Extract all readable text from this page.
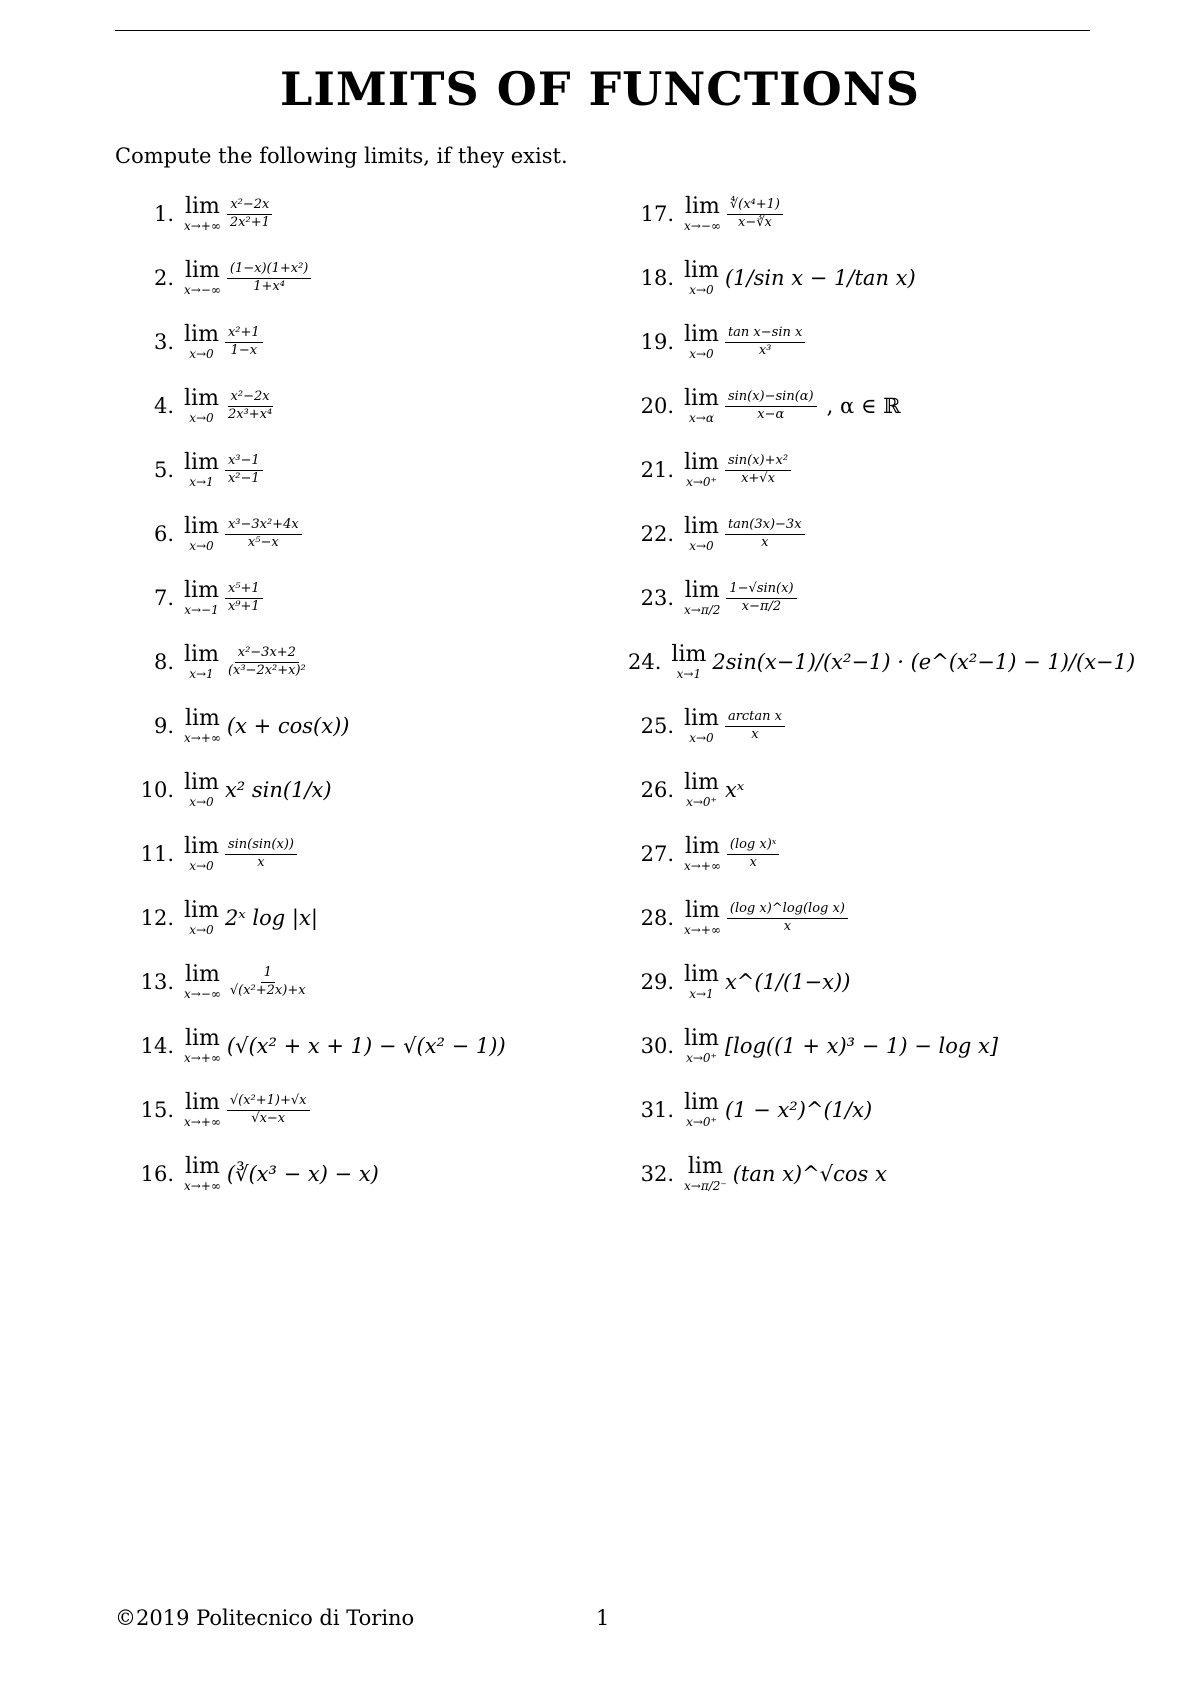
LIMITS OF FUNCTIONS
Compute the following limits, if they exist.
1. lim
$x\to+\infty \frac{\text{x²−2x}}{\text{2x²+1}}$
2. lim
$x\to-\infty \frac{\text{(1−x)(1+x²)}}{\text{1+x⁴}}$
3. lim
$x\to 0 \frac{\text{x²+1}}{1-x}$
4. lim
$x\to 0 \frac{\text{x²−2x}}{\text{2x³+x⁴}}$
5. lim
$x\to 1 \frac{\text{x³−1}}{\text{x²−1}}$
6. lim
$x\to 0 \frac{\text{x³−3x²+4x}}{\text{x⁵−x}}$
7. lim
$x\to-1 \frac{\text{x⁵+1}}{\text{x⁹+1}}$
8. lim
$x\to 1 \frac{\text{x²−3x+2}}{\text{(x³−2x²+x)²}}$
9. lim
x→+∞ (x + cos(x))
10. lim
x→0 x² sin(1/x)
11. lim
$x\to 0 \frac{\sin(\sin(x))}{x}$
12. lim
x→0 2ˣ log |x|
13. lim
$x\to-\infty \frac{1}{\text{√(x²+2x)+x}}$
14. lim
x→+∞ (√(x² + x + 1) − √(x² − 1))
15. lim
$x\to+\infty \frac{\text{√(x²+1)+√x}}{√x-x}$
16. lim
x→+∞ (∛(x³ − x) − x)
17. lim
$x\to-\infty \frac{\text{∜(x⁴+1)}}{x-∛x}$
18. lim
x→0 (1/sin x − 1/tan x)
19. lim
$x\to 0 \frac{\text{tan x−sin x}}{\text{x³}}$
20. lim
$x\to\alpha \frac{\sin(x)-\sin(\alpha)}{x-\alpha}$ , α ∈ ℝ
21. lim
$x\to 0^+ \frac{\text{sin(x)+x²}}{x+√x}$
22. lim
$x\to 0 \frac{\tan(3x)-3x}{x}$
23. lim
$x\to\pi/2 \frac{1-√\sin(x)}{x-\pi/2}$
24. lim
x→1 2sin(x−1)/(x²−1) · (e^(x²−1) − 1)/(x−1)
25. lim
$x\to 0 \frac{\text{arctan x}}{x}$
26. lim
x→0⁺ xˣ
27. lim
$x\to+\infty \frac{\text{(log x)ˣ}}{x}$
28. lim
$x\to+\infty \frac{\text{(log x)\textasciicircum{}log(log x)}}{x}$
29. lim
x→1 x^(1/(1−x))
30. lim
x→0⁺ [log((1 + x)³ − 1) − log x]
31. lim
x→0⁺ (1 − x²)^(1/x)
32. lim
x→π/2⁻ (tan x)^√cos x
©2019 Politecnico di Torino	1
